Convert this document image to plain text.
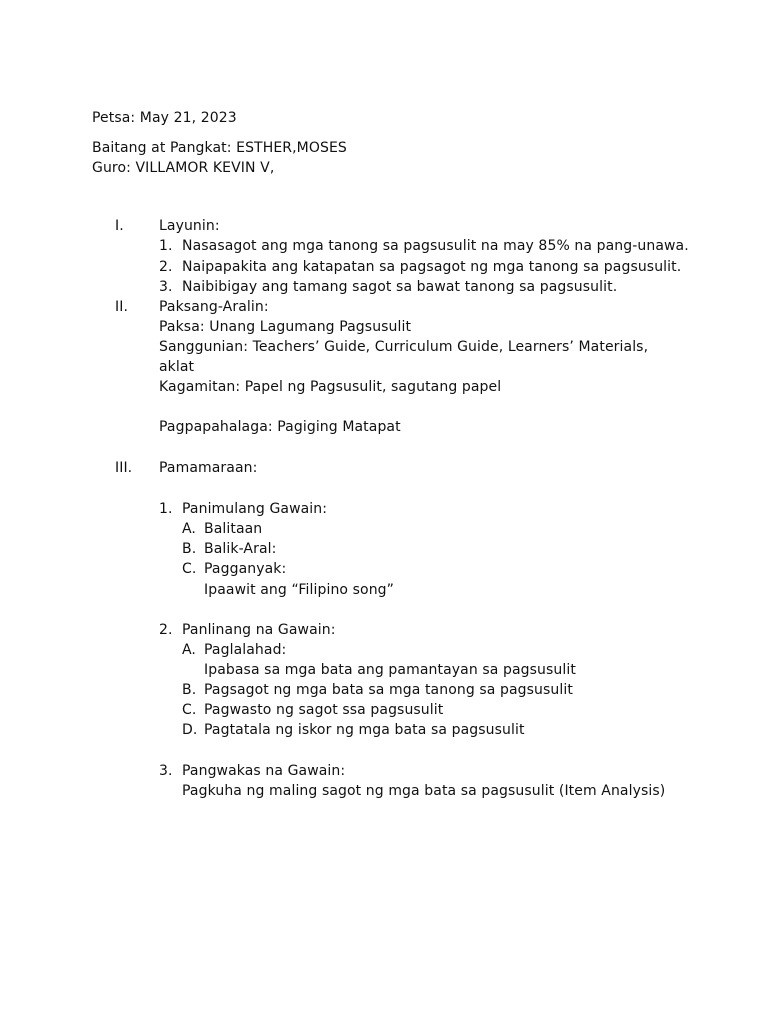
Petsa: May 21, 2023
Baitang at Pangkat: ESTHER,MOSES
Guro: VILLAMOR KEVIN V,
I.	Layunin:
1. Nasasagot ang mga tanong sa pagsusulit na may 85% na pang-unawa.
2. Naipapakita ang katapatan sa pagsagot ng mga tanong sa pagsusulit.
3. Naibibigay ang tamang sagot sa bawat tanong sa pagsusulit.
II. Paksang-Aralin:
Paksa: Unang Lagumang Pagsusulit
Sanggunian: Teachers’ Guide, Curriculum Guide, Learners’ Materials,
aklat
Kagamitan: Papel ng Pagsusulit, sagutang papel
Pagpapahalaga: Pagiging Matapat
III. Pamamaraan:
1. Panimulang Gawain:
A. Balitaan
B. Balik-Aral:
C. Pagganyak:
Ipaawit ang “Filipino song”
2. Panlinang na Gawain:
A. Paglalahad:
Ipabasa sa mga bata ang pamantayan sa pagsusulit
B. Pagsagot ng mga bata sa mga tanong sa pagsusulit
C. Pagwasto ng sagot ssa pagsusulit
D. Pagtatala ng iskor ng mga bata sa pagsusulit
3. Pangwakas na Gawain:
Pagkuha ng maling sagot ng mga bata sa pagsusulit (Item Analysis)
